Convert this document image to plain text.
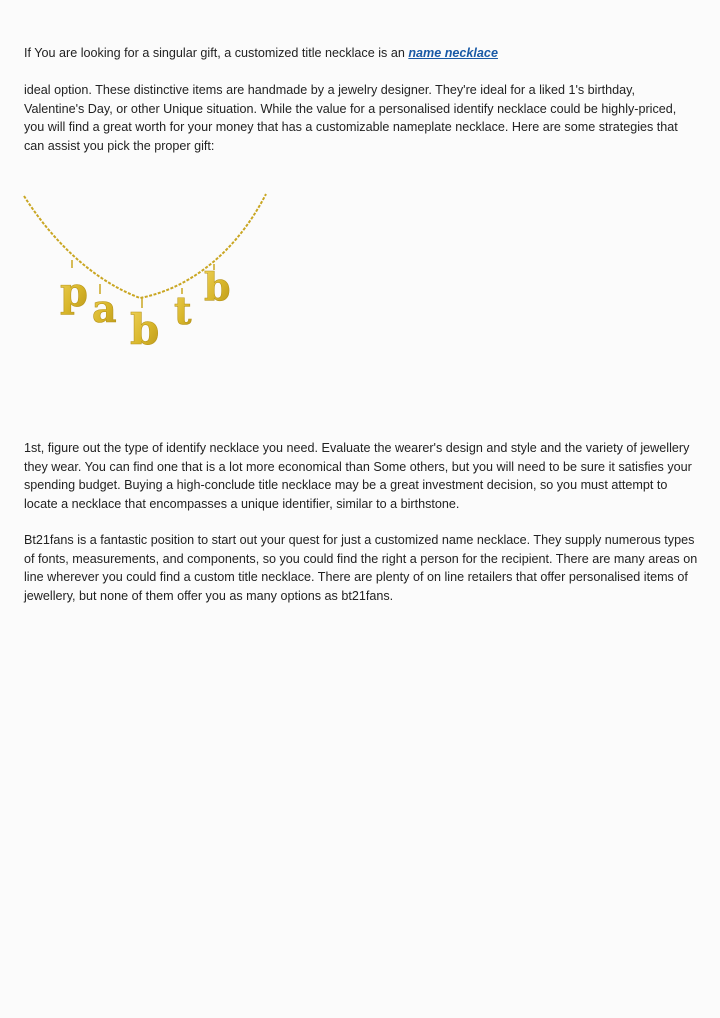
If You are looking for a singular gift, a customized title necklace is an name necklace

ideal option. These distinctive items are handmade by a jewelry designer. They're ideal for a liked 1's birthday, Valentine's Day, or other Unique situation. While the value for a personalised identify necklace could be highly-priced, you will find a great worth for your money that has a customizable nameplate necklace. Here are some strategies that can assist you pick the proper gift:

p a b t
b

1st, figure out the type of identify necklace you need. Evaluate the wearer's design and style and the variety of jewellery they wear. You can find one that is a lot more economical than Some others, but you will need to be sure it satisfies your spending budget. Buying a high-conclude title necklace may be a great investment decision, so you must attempt to locate a necklace that encompasses a unique identifier, similar to a birthstone.

Bt21fans is a fantastic position to start out your quest for just a customized name necklace. They supply numerous types of fonts, measurements, and components, so you could find the right a person for the recipient. There are many areas on line wherever you could find a custom title necklace. There are plenty of on line retailers that offer personalised items of jewellery, but none of them offer you as many options as bt21fans.
